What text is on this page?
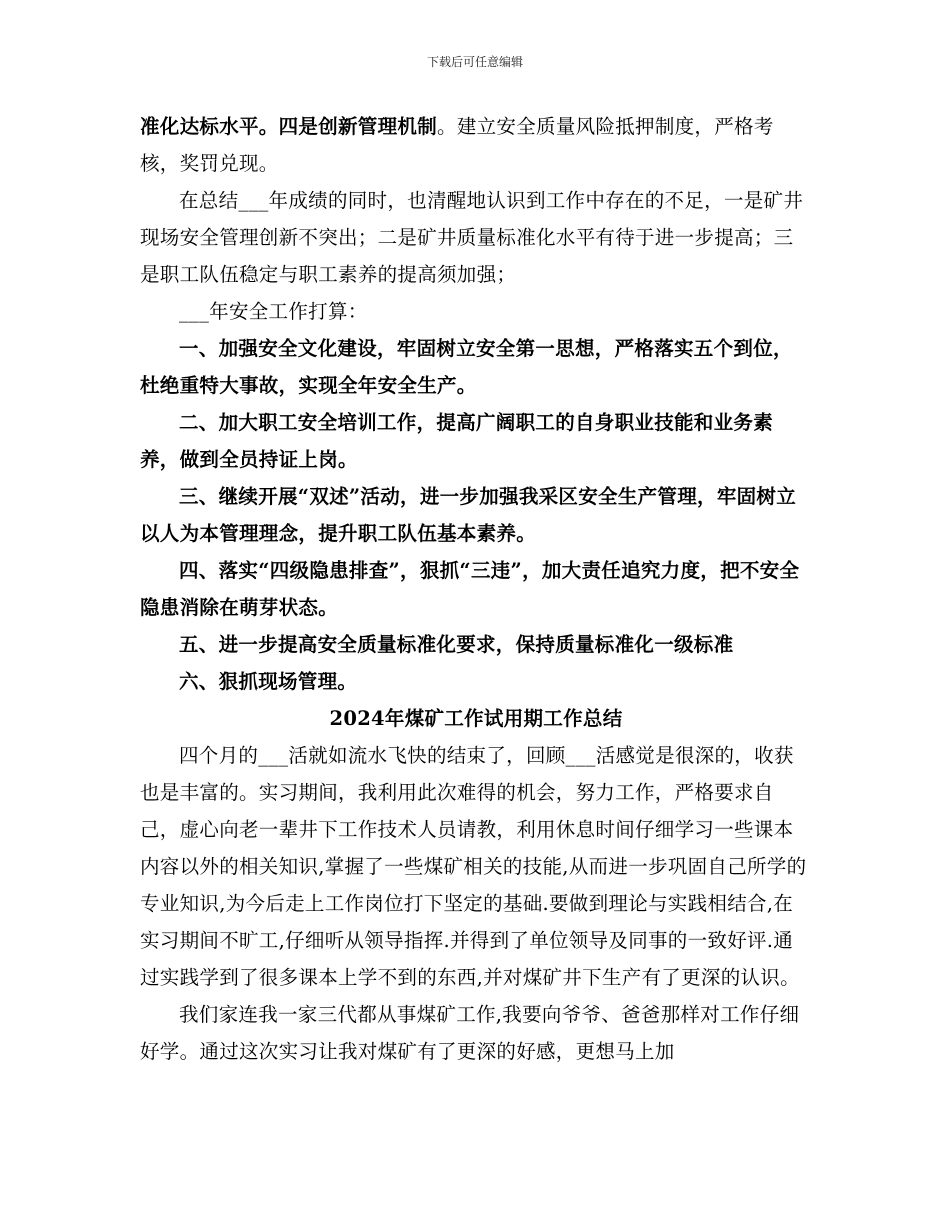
下载后可任意编辑

准化达标水平。四是创新管理机制。建立安全质量风险抵押制度，严格考核，奖罚兑现。

在总结___年成绩的同时，也清醒地认识到工作中存在的不足，一是矿井现场安全管理创新不突出；二是矿井质量标准化水平有待于进一步提高；三是职工队伍稳定与职工素养的提高须加强；

___年安全工作打算：

一、加强安全文化建设，牢固树立安全第一思想，严格落实五个到位，杜绝重特大事故，实现全年安全生产。

二、加大职工安全培训工作，提高广阔职工的自身职业技能和业务素养，做到全员持证上岗。

三、继续开展“双述”活动，进一步加强我采区安全生产管理，牢固树立以人为本管理理念，提升职工队伍基本素养。

四、落实“四级隐患排查”，狠抓“三违”，加大责任追究力度，把不安全隐患消除在萌芽状态。

五、进一步提高安全质量标准化要求，保持质量标准化一级标准

六、狠抓现场管理。

2024年煤矿工作试用期工作总结

四个月的___活就如流水飞快的结束了，回顾___活感觉是很深的，收获也是丰富的。实习期间，我利用此次难得的机会，努力工作，严格要求自己，虚心向老一辈井下工作技术人员请教，利用休息时间仔细学习一些课本内容以外的相关知识,掌握了一些煤矿相关的技能,从而进一步巩固自己所学的专业知识,为今后走上工作岗位打下坚定的基础.要做到理论与实践相结合,在实习期间不旷工,仔细听从领导指挥.并得到了单位领导及同事的一致好评.通过实践学到了很多课本上学不到的东西,并对煤矿井下生产有了更深的认识。

我们家连我一家三代都从事煤矿工作,我要向爷爷、爸爸那样对工作仔细好学。通过这次实习让我对煤矿有了更深的好感，更想马上加
